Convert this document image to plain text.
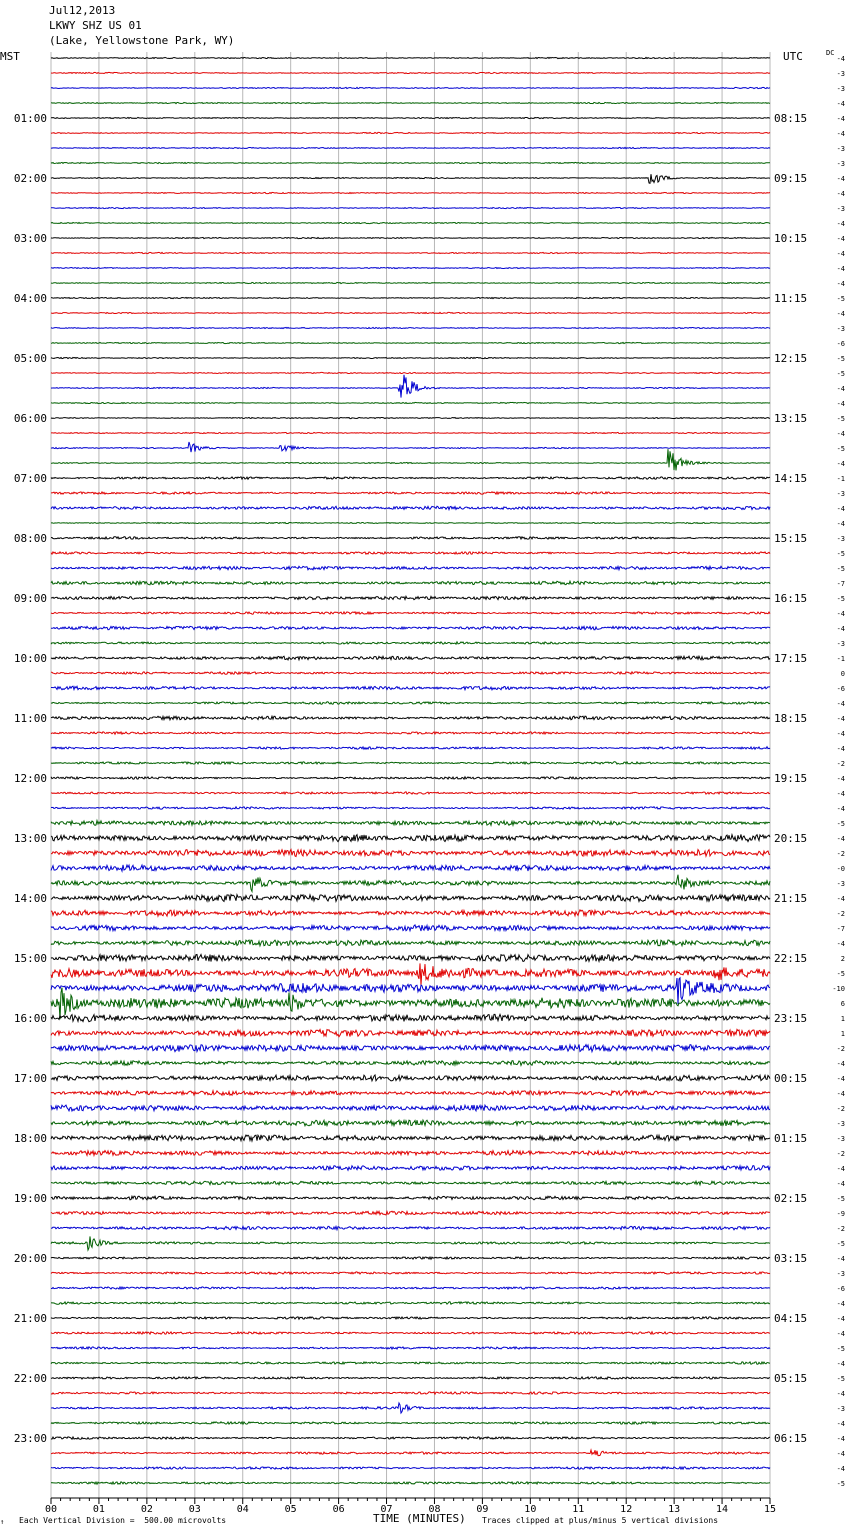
Jul12,2013
LKWY SHZ US 01
(Lake, Yellowstone Park, WY)
MST	UTC	DC
00	01	02	03	04	05	06	07	08	09	10	11	12	13	14	15
-4
-3
-3
-4
-4
-4
-3
-3
-4
-4
-3
-4
-4
-4
-4
-4
-5
-4
-3
-6
-5
-5
-4
-4
-5
-4
-5
-4
-1
-3
-4
-4
-3
-5
-5
-7
-5
-4
-4
-3
-1
0
-6
-4
-4
-4
-4
-2
-4
-4
-4
-5
-4
-2
-0
-3
-4
-2
-7
-4
2
-5
-10
6
1
1
-2
-4
-4
-4
-2
-3
-3
-2
-4
-4
-5
-9
-2
-5
-4
-3
-6
-4
-4
-4
-5
-4
-5
-4
-3
-4
-4
-4
-4
-5
01:00
02:00
03:00
04:00
05:00
06:00
07:00
08:00
09:00
10:00
11:00
12:00
13:00
14:00
15:00
16:00
17:00
18:00
19:00
20:00
21:00
22:00
23:00
08:15
09:15
10:15
11:15
12:15
13:15
14:15
15:15
16:15
17:15
18:15
19:15
20:15
21:15
22:15
23:15
00:15
01:15
02:15
03:15
04:15
05:15
06:15
↑ Each Vertical Division =  500.00 microvolts	TIME (MINUTES) Traces clipped at plus/minus 5 vertical divisions
